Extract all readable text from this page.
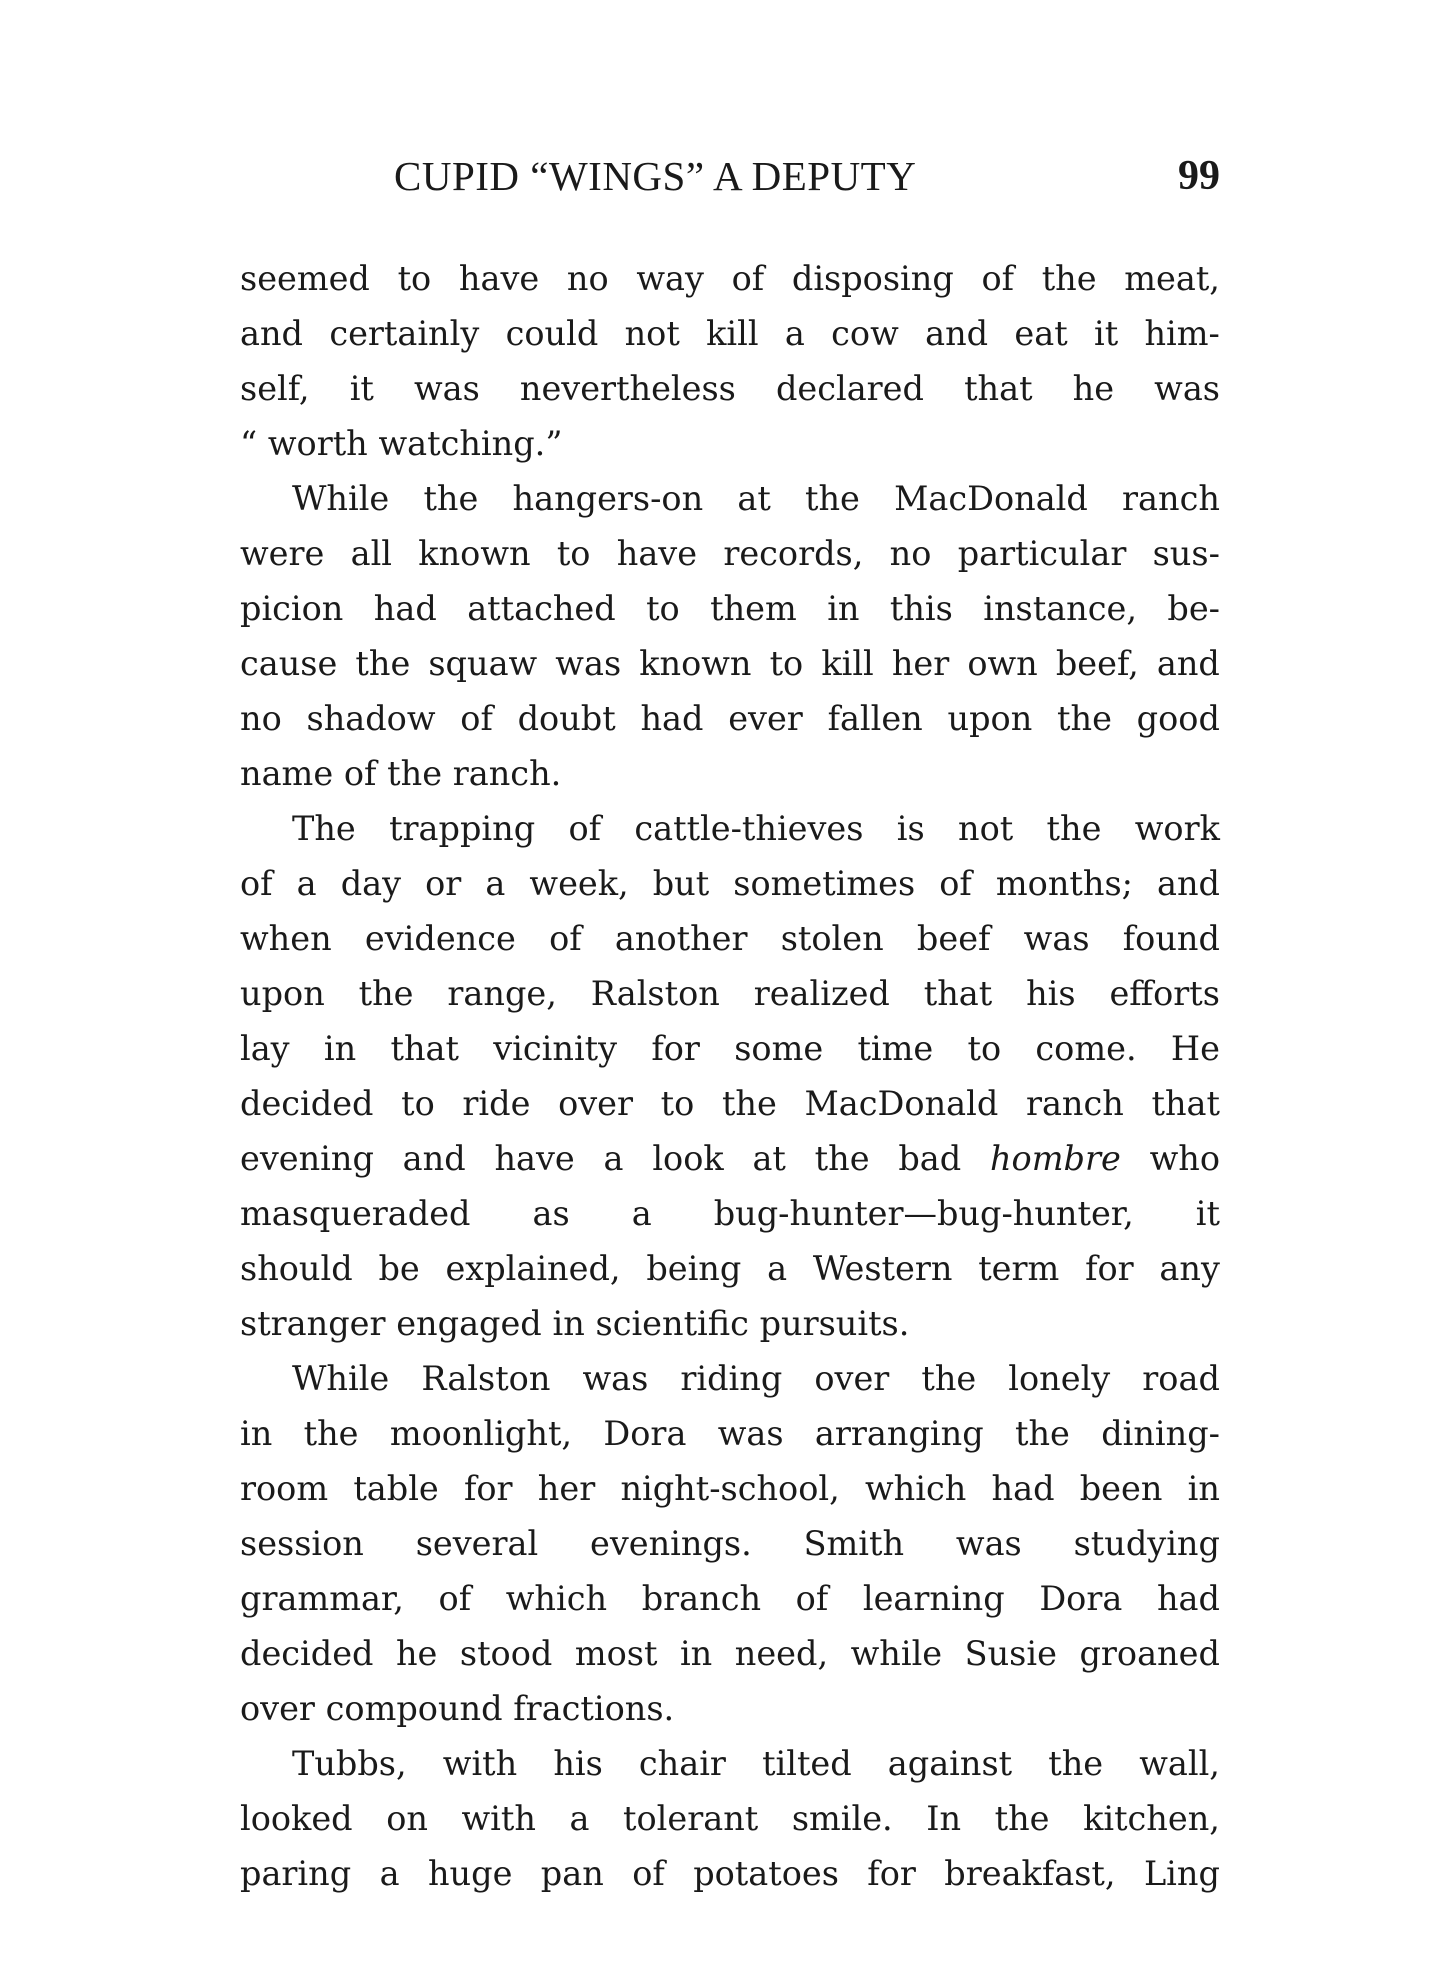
CUPID “WINGS” A DEPUTY	99
seemed to have no way of disposing of the meat,
and certainly could not kill a cow and eat it him-
self, it was nevertheless declared that he was
“ worth watching.”
While the hangers-on at the MacDonald ranch
were all known to have records, no particular sus-
picion had attached to them in this instance, be-
cause the squaw was known to kill her own beef, and
no shadow of doubt had ever fallen upon the good
name of the ranch.
The trapping of cattle-thieves is not the work
of a day or a week, but sometimes of months; and
when evidence of another stolen beef was found
upon the range, Ralston realized that his efforts
lay in that vicinity for some time to come. He
decided to ride over to the MacDonald ranch that
evening and have a look at the bad hombre who
masqueraded as a bug-hunter—bug-hunter, it
should be explained, being a Western term for any
stranger engaged in scientific pursuits.
While Ralston was riding over the lonely road
in the moonlight, Dora was arranging the dining-
room table for her night-school, which had been in
session several evenings. Smith was studying
grammar, of which branch of learning Dora had
decided he stood most in need, while Susie groaned
over compound fractions.
Tubbs, with his chair tilted against the wall,
looked on with a tolerant smile. In the kitchen,
paring a huge pan of potatoes for breakfast, Ling
